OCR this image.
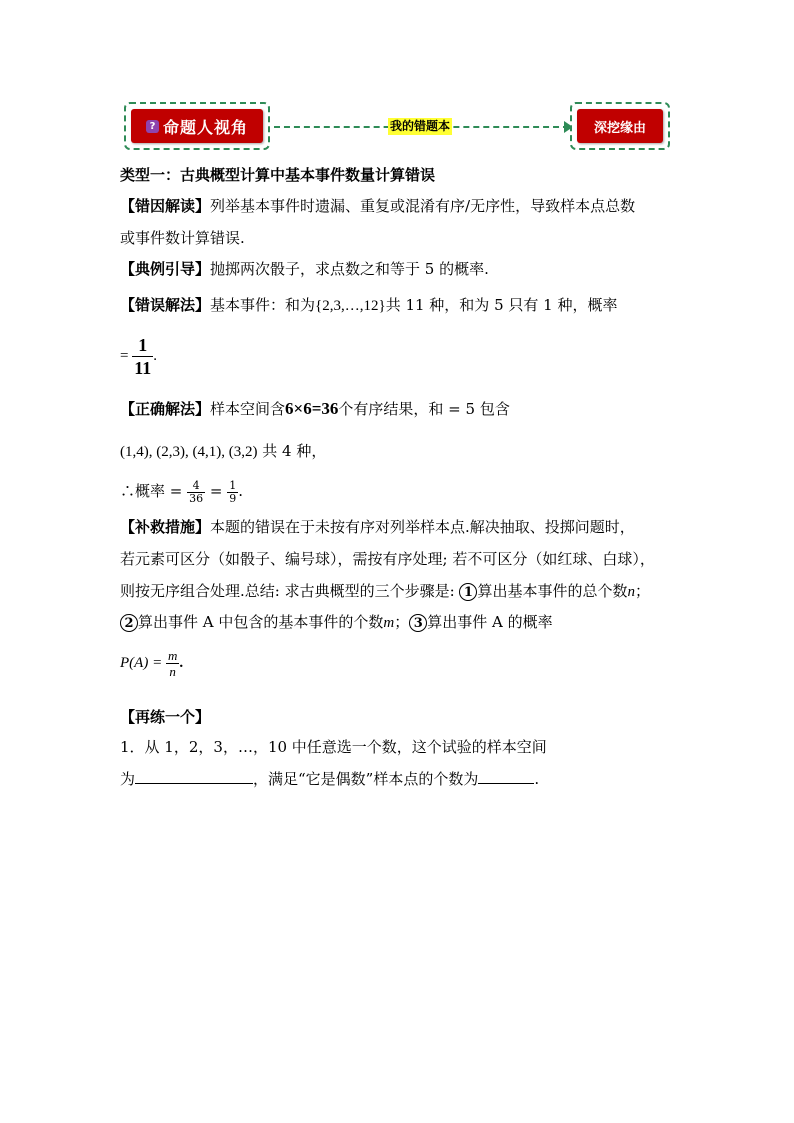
? 命题人视角	我的错题本	深挖缘由
类型一：古典概型计算中基本事件数量计算错误
【错因解读】列举基本事件时遗漏、重复或混淆有序/无序性，导致样本点总数
或事件数计算错误.
【典例引导】抛掷两次骰子，求点数之和等于 5 的概率.
【错误解法】基本事件：和为{2,3,…,12}共 11 种，和为 5 只有 1 种，概率
= $\frac{1}{11}$ .
【正确解法】样本空间含6×6=36个有序结果，和 = 5 包含
(1,4), (2,3), (4,1), (3,2) 共 4 种，
∴概率 = $\frac{4}{36} = \frac{1}{9}$ .
【补救措施】本题的错误在于未按有序对列举样本点.解决抽取、投掷问题时，
若元素可区分（如骰子、编号球），需按有序处理; 若不可区分（如红球、白球），
则按无序组合处理.总结: 求古典概型的三个步骤是: 1 算出基本事件的总个数n；
2 算出事件 A 中包含的基本事件的个数m； 3 算出事件 A 的概率
$P(A) = \frac{m}{n}$ .
【再练一个】
1．从 1，2，3，…，10 中任意选一个数，这个试验的样本空间
为	，满足“它是偶数”样本点的个数为	.
